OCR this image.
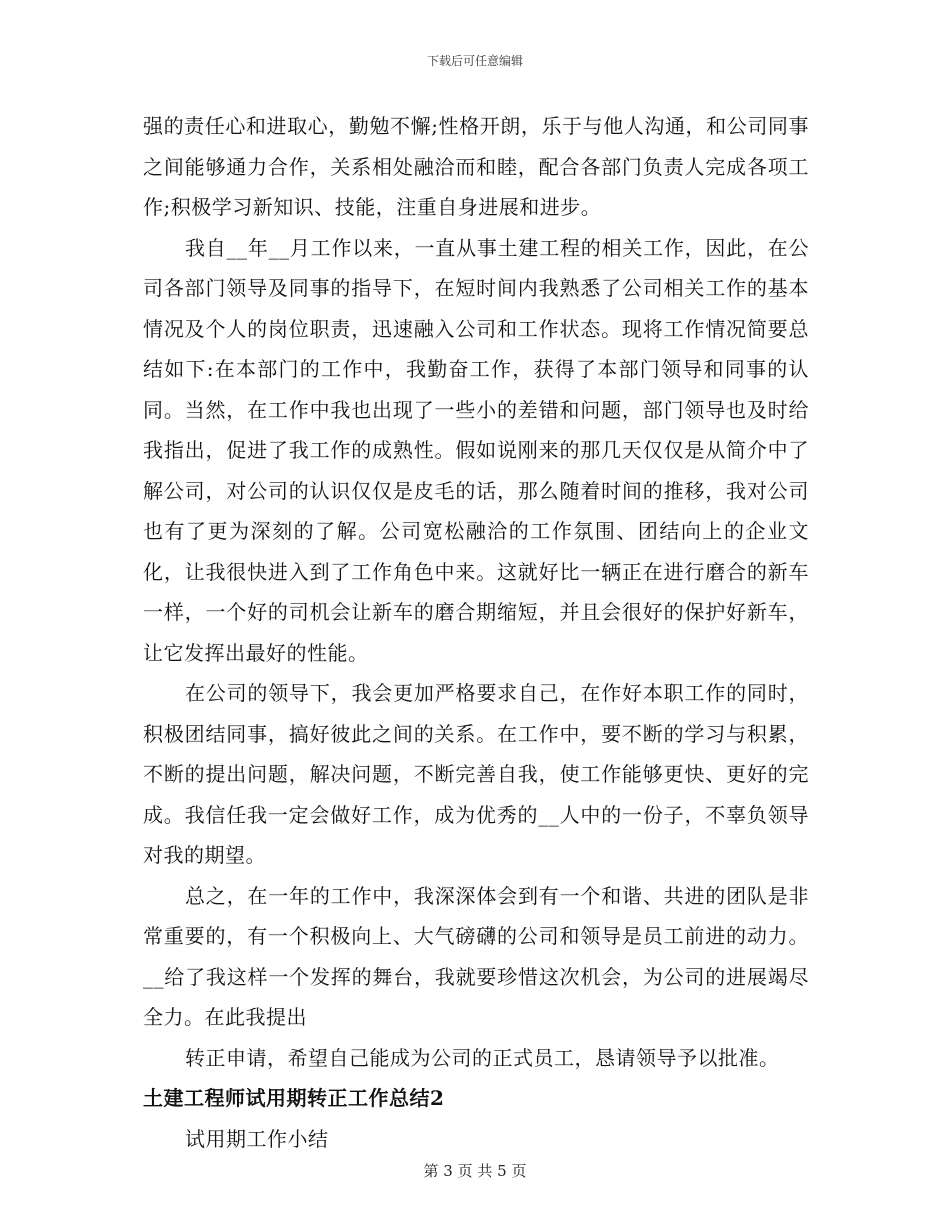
下载后可任意编辑

强的责任心和进取心，勤勉不懈;性格开朗，乐于与他人沟通，和公司同事之间能够通力合作，关系相处融洽而和睦，配合各部门负责人完成各项工作;积极学习新知识、技能，注重自身进展和进步。

我自__年__月工作以来，一直从事土建工程的相关工作，因此，在公司各部门领导及同事的指导下，在短时间内我熟悉了公司相关工作的基本情况及个人的岗位职责，迅速融入公司和工作状态。现将工作情况简要总结如下:在本部门的工作中，我勤奋工作，获得了本部门领导和同事的认同。当然，在工作中我也出现了一些小的差错和问题，部门领导也及时给我指出，促进了我工作的成熟性。假如说刚来的那几天仅仅是从简介中了解公司，对公司的认识仅仅是皮毛的话，那么随着时间的推移，我对公司也有了更为深刻的了解。公司宽松融洽的工作氛围、团结向上的企业文化，让我很快进入到了工作角色中来。这就好比一辆正在进行磨合的新车一样，一个好的司机会让新车的磨合期缩短，并且会很好的保护好新车，让它发挥出最好的性能。

在公司的领导下，我会更加严格要求自己，在作好本职工作的同时，积极团结同事，搞好彼此之间的关系。在工作中，要不断的学习与积累，不断的提出问题，解决问题，不断完善自我，使工作能够更快、更好的完成。我信任我一定会做好工作，成为优秀的__人中的一份子，不辜负领导对我的期望。

总之，在一年的工作中，我深深体会到有一个和谐、共进的团队是非常重要的，有一个积极向上、大气磅礴的公司和领导是员工前进的动力。__给了我这样一个发挥的舞台，我就要珍惜这次机会，为公司的进展竭尽全力。在此我提出

转正申请，希望自己能成为公司的正式员工，恳请领导予以批准。

土建工程师试用期转正工作总结2

试用期工作小结

第 3 页 共 5 页
